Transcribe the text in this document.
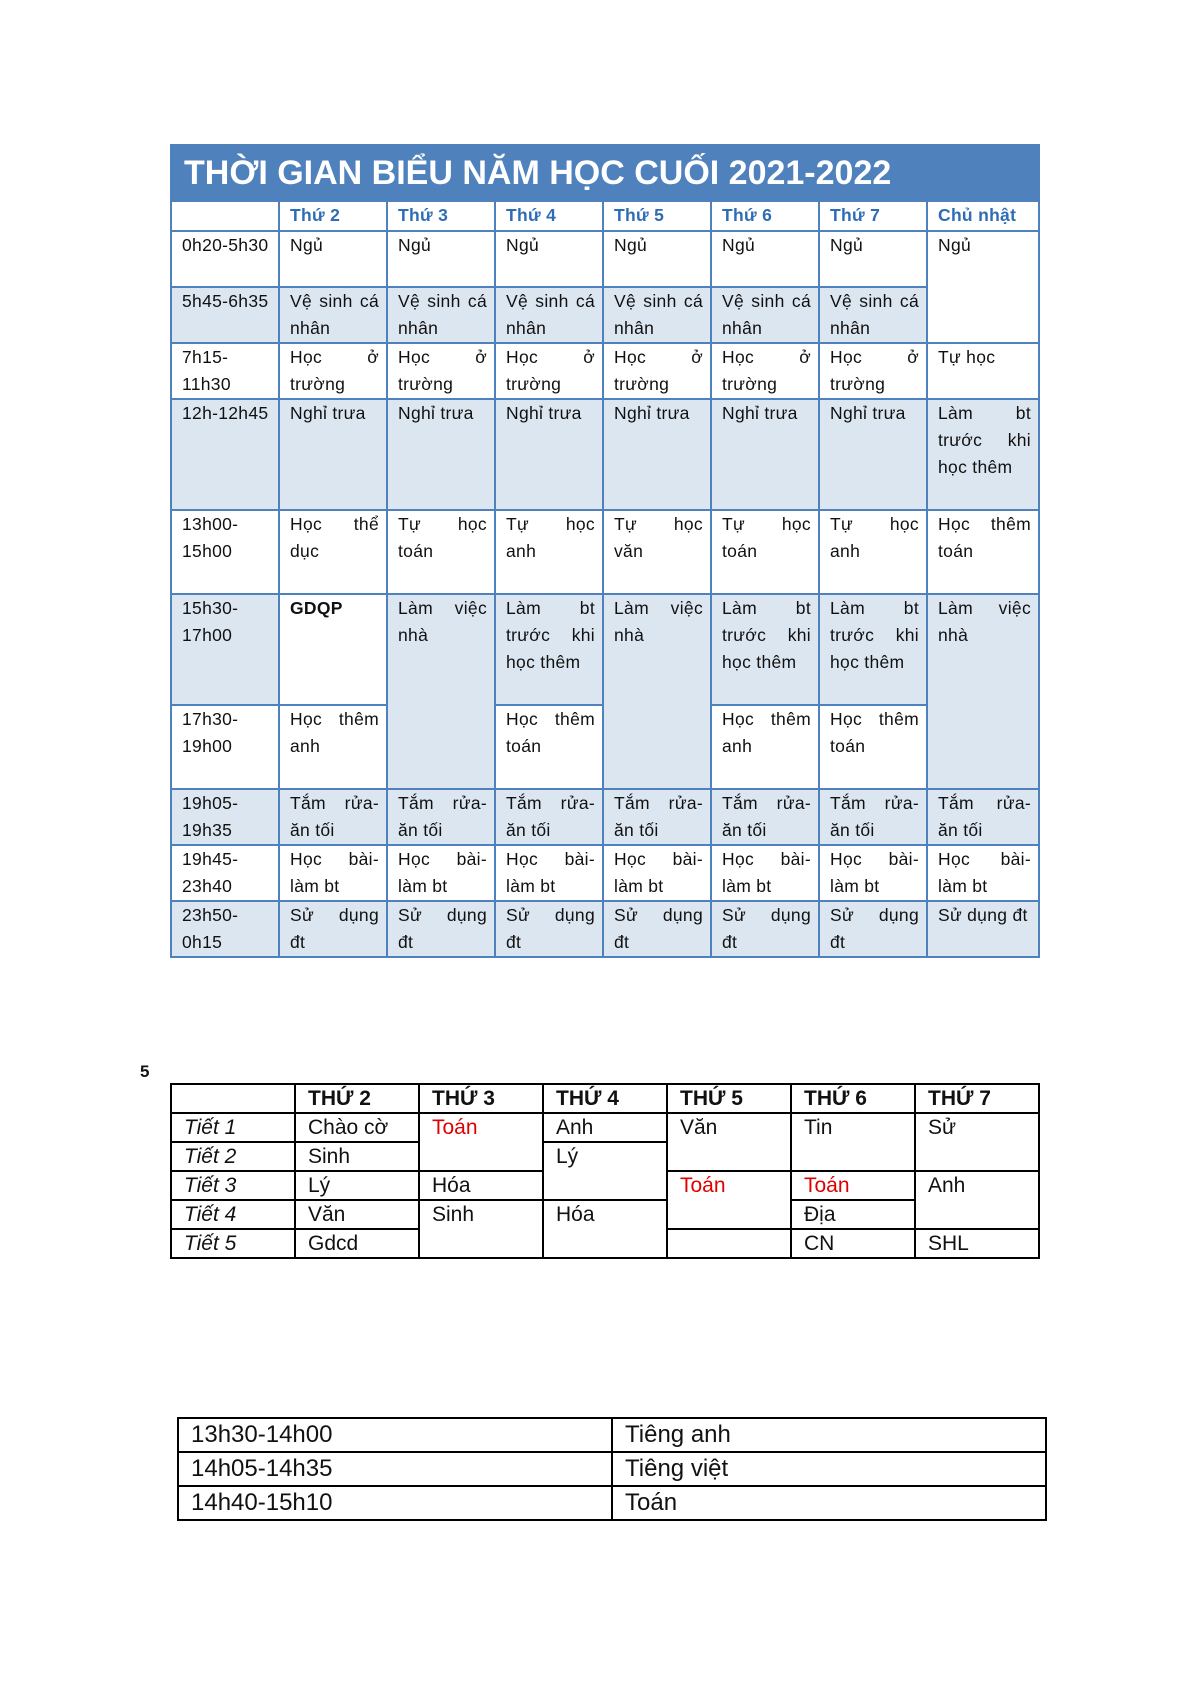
THỜI GIAN BIỂU NĂM HỌC CUỐI 2021-2022
	Thứ 2	Thứ 3	Thứ 4	Thứ 5	Thứ 6	Thứ 7	Chủ nhật
0h20-5h30	Ngủ	Ngủ	Ngủ	Ngủ	Ngủ	Ngủ	Ngủ
5h45-6h35	Vệ sinh cá nhân	Vệ sinh cá nhân	Vệ sinh cá nhân	Vệ sinh cá nhân	Vệ sinh cá nhân	Vệ sinh cá nhân	
7h15-11h30	Học ở trường	Học ở trường	Học ở trường	Học ở trường	Học ở trường	Học ở trường	Tự học
12h-12h45	Nghỉ trưa	Nghỉ trưa	Nghỉ trưa	Nghỉ trưa	Nghỉ trưa	Nghỉ trưa	Làm bt trước khi học thêm
13h00-15h00	Học thể dục	Tự học toán	Tự học anh	Tự học văn	Tự học toán	Tự học anh	Học thêm toán
15h30-17h00	GDQP	Làm việc nhà	Làm bt trước khi học thêm	Làm việc nhà	Làm bt trước khi học thêm	Làm bt trước khi học thêm	Làm việc nhà
17h30-19h00	Học thêm anh		Học thêm toán		Học thêm anh	Học thêm toán	
19h05-19h35	Tắm rửa-ăn tối	Tắm rửa-ăn tối	Tắm rửa-ăn tối	Tắm rửa-ăn tối	Tắm rửa-ăn tối	Tắm rửa-ăn tối	Tắm rửa-ăn tối
19h45-23h40	Học bài-làm bt	Học bài-làm bt	Học bài-làm bt	Học bài-làm bt	Học bài-làm bt	Học bài-làm bt	Học bài-làm bt
23h50-0h15	Sử dụng đt	Sử dụng đt	Sử dụng đt	Sử dụng đt	Sử dụng đt	Sử dụng đt	Sử dụng đt
5
	THỨ 2	THỨ 3	THỨ 4	THỨ 5	THỨ 6	THỨ 7
Tiết 1	Chào cờ	Toán	Anh	Văn	Tin	Sử
Tiết 2	Sinh		Lý			
Tiết 3	Lý	Hóa		Toán	Toán	Anh
Tiết 4	Văn	Sinh	Hóa		Địa	
Tiết 5	Gdcd				CN	SHL
13h30-14h00	Tiêng anh
14h05-14h35	Tiêng việt
14h40-15h10	Toán
